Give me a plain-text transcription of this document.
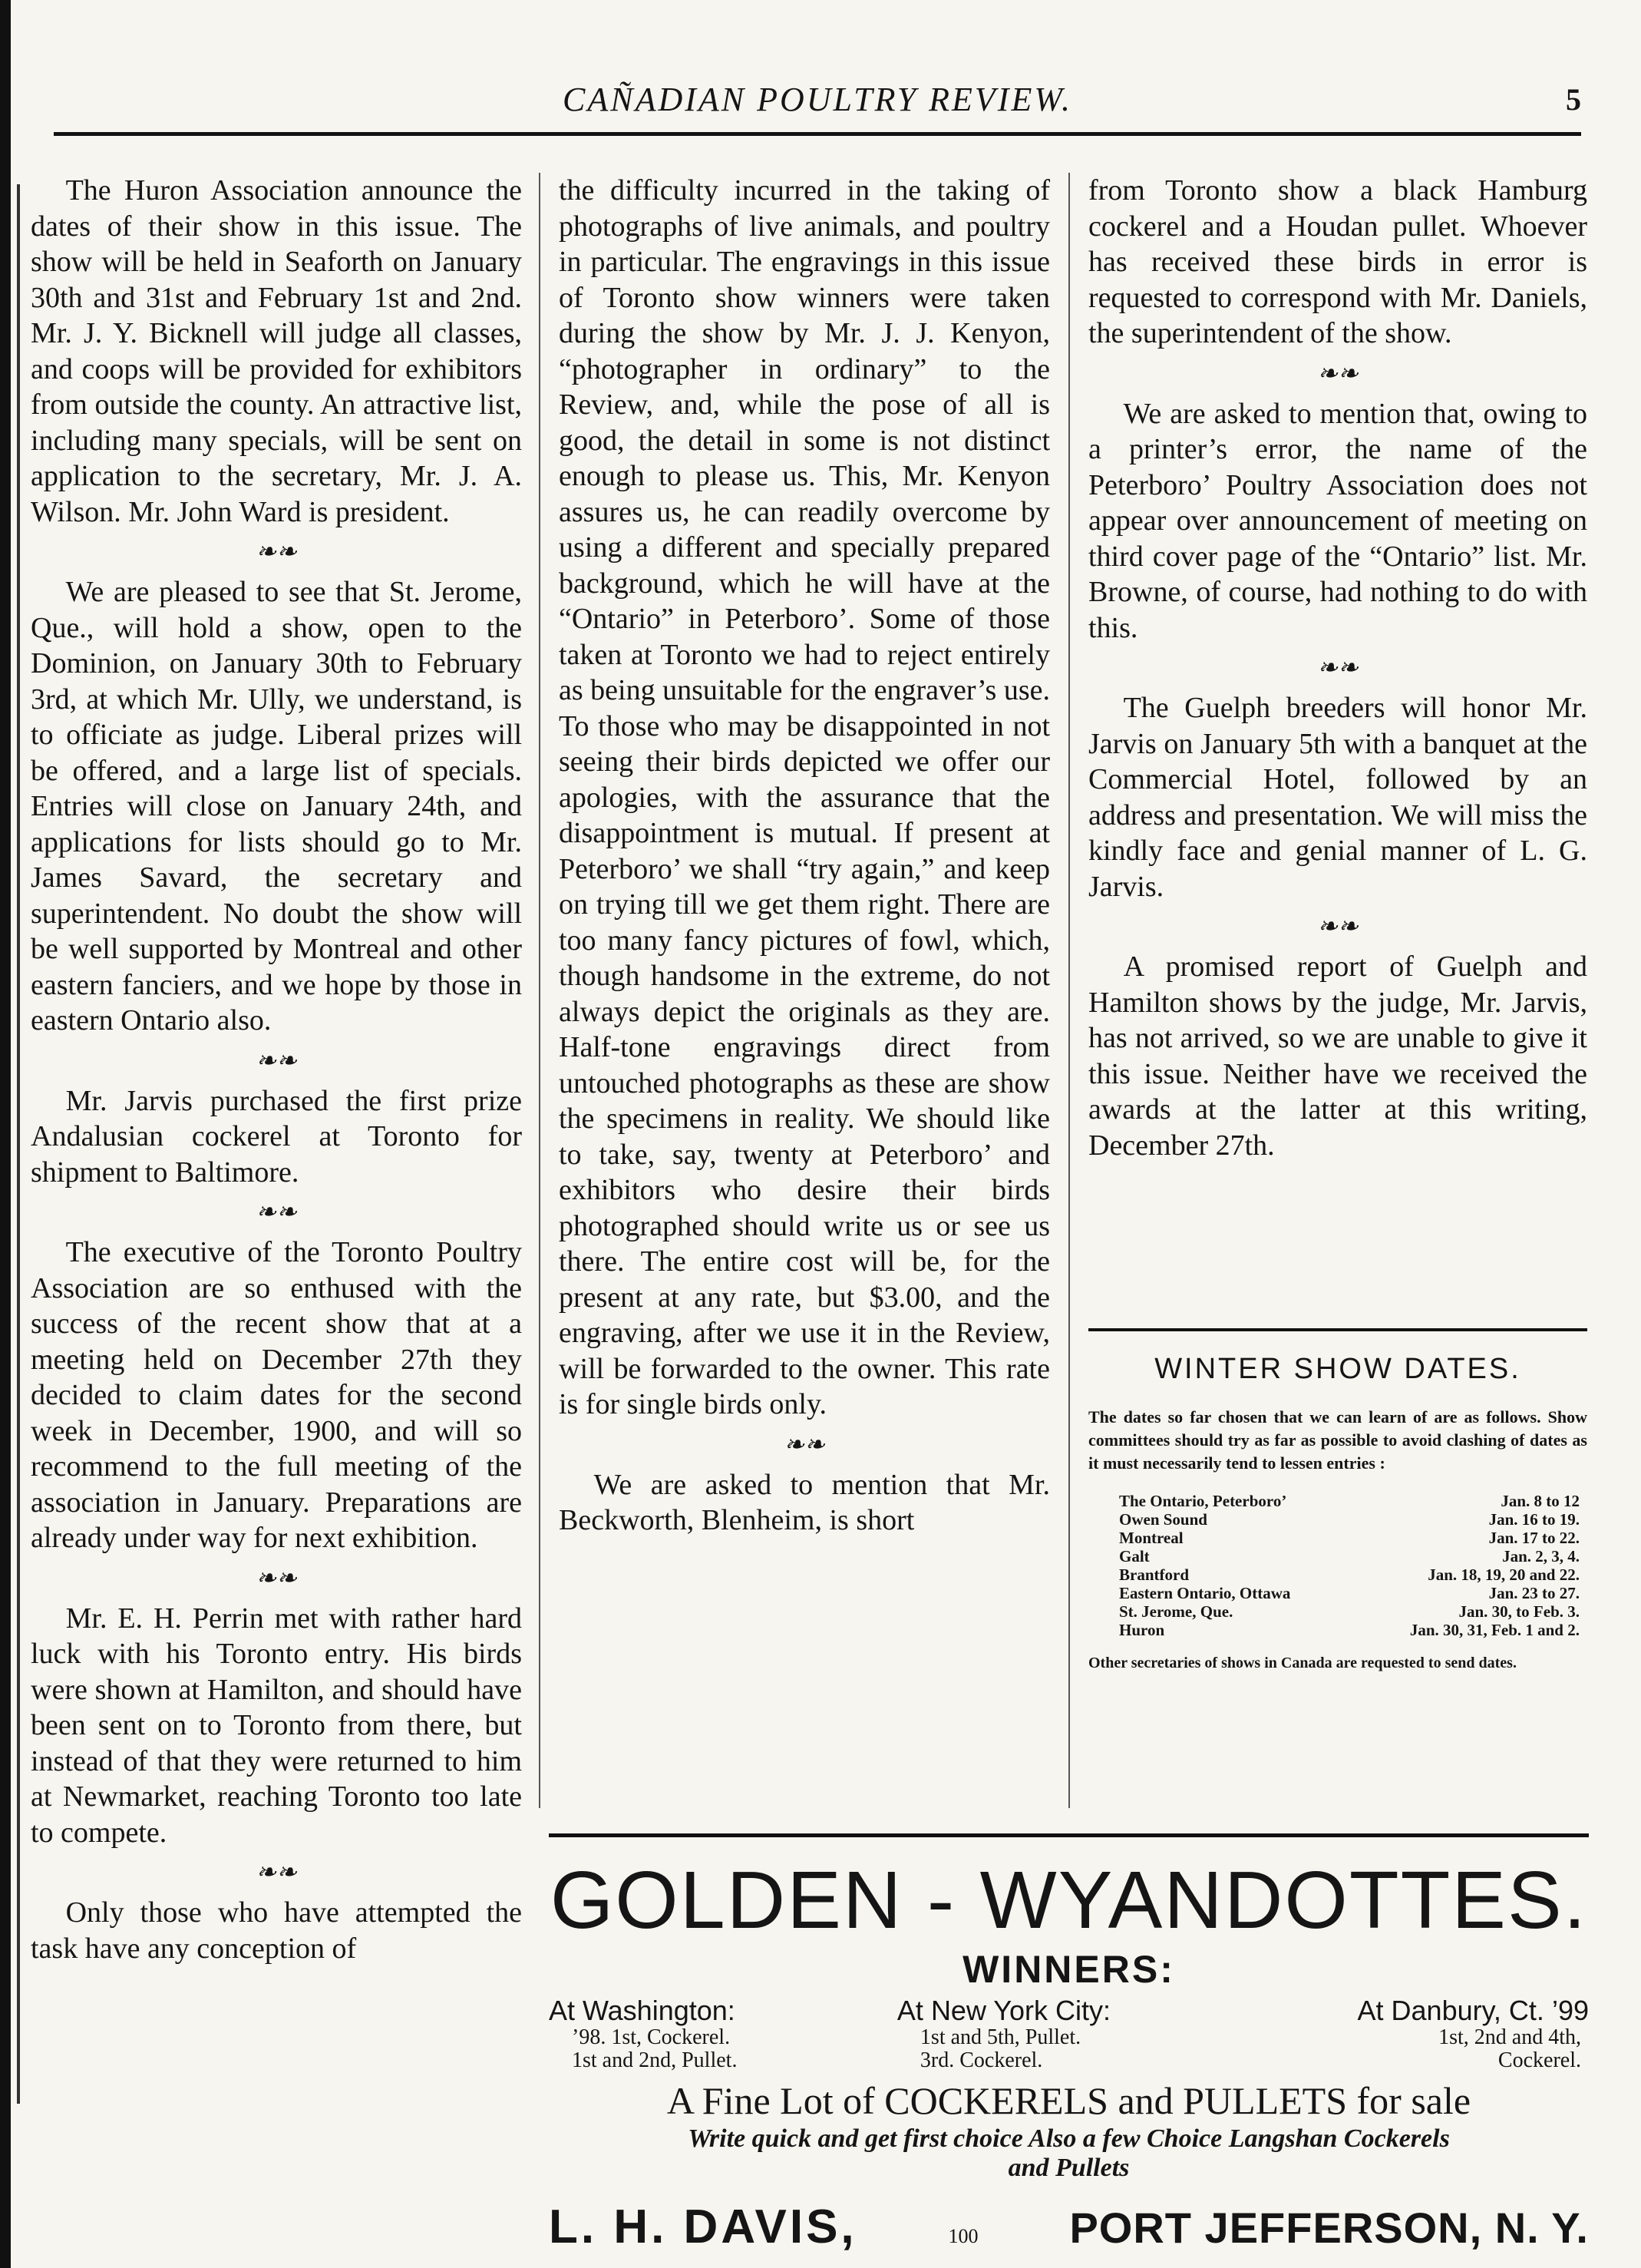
CAÑADIAN POULTRY REVIEW.	5

The Huron Association announce the dates of their show in this issue. The show will be held in Seaforth on January 30th and 31st and February 1st and 2nd. Mr. J. Y. Bicknell will judge all classes, and coops will be provided for exhibitors from outside the county. An attractive list, including many specials, will be sent on application to the secretary, Mr. J. A. Wilson. Mr. John Ward is president.

❧❧

We are pleased to see that St. Jerome, Que., will hold a show, open to the Dominion, on January 30th to February 3rd, at which Mr. Ully, we understand, is to officiate as judge. Liberal prizes will be offered, and a large list of specials. Entries will close on January 24th, and applications for lists should go to Mr. James Savard, the secretary and superintendent. No doubt the show will be well supported by Montreal and other eastern fanciers, and we hope by those in eastern Ontario also.

❧❧

Mr. Jarvis purchased the first prize Andalusian cockerel at Toronto for shipment to Baltimore.

❧❧

The executive of the Toronto Poultry Association are so enthused with the success of the recent show that at a meeting held on December 27th they decided to claim dates for the second week in December, 1900, and will so recommend to the full meeting of the association in January. Preparations are already under way for next exhibition.

❧❧

Mr. E. H. Perrin met with rather hard luck with his Toronto entry. His birds were shown at Hamilton, and should have been sent on to Toronto from there, but instead of that they were returned to him at Newmarket, reaching Toronto too late to compete.

❧❧

Only those who have attempted the task have any conception of

the difficulty incurred in the taking of photographs of live animals, and poultry in particular. The engravings in this issue of Toronto show winners were taken during the show by Mr. J. J. Kenyon, “photographer in ordinary” to the Review, and, while the pose of all is good, the detail in some is not distinct enough to please us. This, Mr. Kenyon assures us, he can readily overcome by using a different and specially prepared background, which he will have at the “Ontario” in Peterboro’. Some of those taken at Toronto we had to reject entirely as being unsuitable for the engraver’s use. To those who may be disappointed in not seeing their birds depicted we offer our apologies, with the assurance that the disappointment is mutual. If present at Peterboro’ we shall “try again,” and keep on trying till we get them right. There are too many fancy pictures of fowl, which, though handsome in the extreme, do not always depict the originals as they are. Half-tone engravings direct from untouched photographs as these are show the specimens in reality. We should like to take, say, twenty at Peterboro’ and exhibitors who desire their birds photographed should write us or see us there. The entire cost will be, for the present at any rate, but $3.00, and the engraving, after we use it in the Review, will be forwarded to the owner. This rate is for single birds only.

❧❧

We are asked to mention that Mr. Beckworth, Blenheim, is short

from Toronto show a black Hamburg cockerel and a Houdan pullet. Whoever has received these birds in error is requested to correspond with Mr. Daniels, the superintendent of the show.

❧❧

We are asked to mention that, owing to a printer’s error, the name of the Peterboro’ Poultry Association does not appear over announcement of meeting on third cover page of the “Ontario” list. Mr. Browne, of course, had nothing to do with this.

❧❧

The Guelph breeders will honor Mr. Jarvis on January 5th with a banquet at the Commercial Hotel, followed by an address and presentation. We will miss the kindly face and genial manner of L. G. Jarvis.

❧❧

A promised report of Guelph and Hamilton shows by the judge, Mr. Jarvis, has not arrived, so we are unable to give it this issue. Neither have we received the awards at the latter at this writing, December 27th.

WINTER SHOW DATES.
The dates so far chosen that we can learn of are as follows. Show committees should try as far as possible to avoid clashing of dates as it must necessarily tend to lessen entries :
The Ontario, Peterboro’	Jan. 8 to 12
Owen Sound	Jan. 16 to 19.
Montreal	Jan. 17 to 22.
Galt	Jan. 2, 3, 4.
Brantford	Jan. 18, 19, 20 and 22.
Eastern Ontario, Ottawa	Jan. 23 to 27.
St. Jerome, Que.	Jan. 30, to Feb. 3.
Huron	Jan. 30, 31, Feb. 1 and 2.
Other secretaries of shows in Canada are requested to send dates.
GOLDEN - WYANDOTTES.
WINNERS:
At Washington:
’98. 1st, Cockerel.
1st and 2nd, Pullet.
At New York City:
1st and 5th, Pullet.
3rd. Cockerel.
At Danbury, Ct. ’99
1st, 2nd and 4th,
Cockerel.
A Fine Lot of COCKERELS and PULLETS for sale
Write quick and get first choice Also a few Choice Langshan Cockerels
and Pullets
L. H. DAVIS,	100 PORT JEFFERSON, N. Y.
